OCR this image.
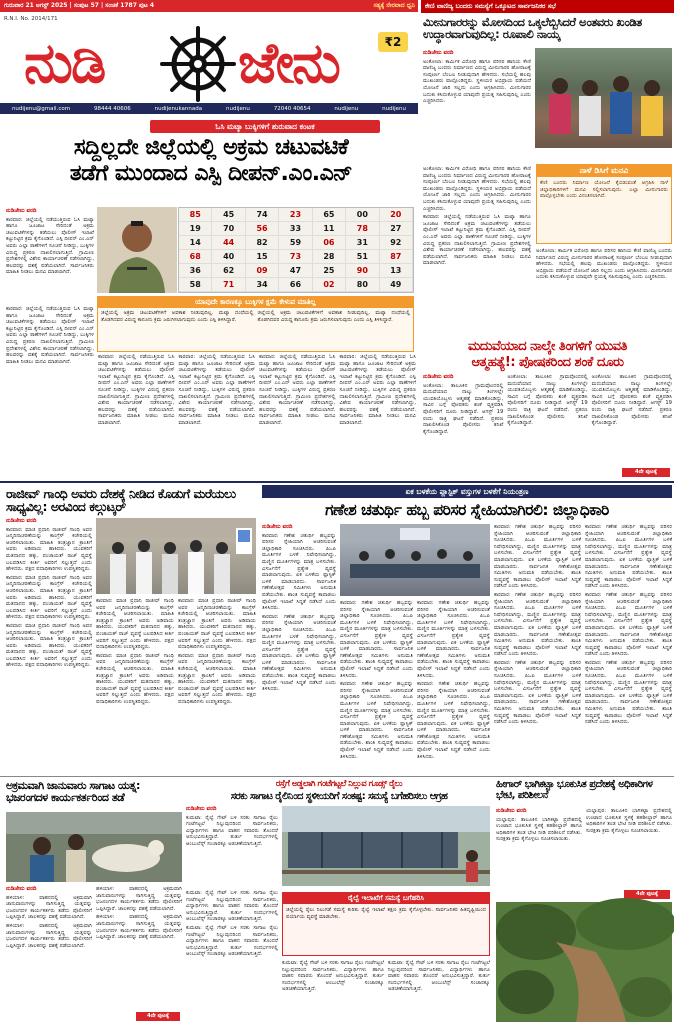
ಗುರುವಾರ 21 ಆಗಸ್ಟ್ 2025 | ಸಂಪುಟ 57 | ಸಂಚಿಕೆ 1787 ಪುಟ 4	ಸತ್ಯಕ್ಕೆ ನೇರವಾದ ಧ್ವನಿ
R.N.I. No. 2014/171
ನುಡಿ ಜೇನು	₹2
nudijenu@gmail.com	98444 40606	nudijenukannada	nudijenu	72040 40654	nudijenu	nudijenu
ಕೇಣಿ ವಾಣಿಜ್ಯ ಬಂದರು ಸಮಸ್ಯೆಗೆ ಒಕ್ಕೂಟದ ಸಾರ್ವಜನಿಕರ ಸಭೆ
ಮೀನುಗಾರರನ್ನು ಮೋಸದಿಂದ ಒಕ್ಕಲೆಬ್ಬಿಸಿದರೆ ಅಂತವರು ಖಂಡಿತ ಉದ್ಧಾರವಾಗುವುದಿಲ್ಲ: ರೂಪಾಲಿ ನಾಯ್ಕ
ನುಡಿಜೇನು ವರದಿ

ಅಂಕೋಲಾ: ಕಾರ್ಮಿಕ ವಿರೋಧಿ ಹಾಗೂ ಪರಿಸರ ಹಾನಿಯ ಕೇಣಿ ವಾಣಿಜ್ಯ ಬಂದರು ನಿರ್ಮಾಣದ ವಿರುದ್ಧ ಮೀನುಗಾರರ ಹೋರಾಟಕ್ಕೆ ಸಂಪೂರ್ಣ ಬೆಂಬಲ ನೀಡುವುದಾಗಿ ಹೇಳಿದರು. ಸಭೆಯಲ್ಲಿ ಹಲವು ಮುಖಂಡರು ಪಾಲ್ಗೊಂಡಿದ್ದರು. ಸ್ಥಳೀಯರ ಅಭಿಪ್ರಾಯ ಪಡೆಯದೆ ಯೋಜನೆ ಜಾರಿ ಸಲ್ಲದು ಎಂದು ಆಗ್ರಹಿಸಿದರು. ಮೀನುಗಾರರ ಬದುಕು ಕಸಿದುಕೊಳ್ಳುವ ಯಾವುದೇ ಪ್ರಯತ್ನ ಸಹಿಸುವುದಿಲ್ಲ ಎಂದು ಎಚ್ಚರಿಸಿದರು.

ನಾಳೆ ಡಿಸಿಗೆ ಮನವಿ
ಕೇಣಿ ಬಂದರು ನಿರ್ಮಾಣ ಯೋಜನೆ ಕೈಬಿಡುವಂತೆ ಆಗ್ರಹಿಸಿ ನಾಳೆ ಜಿಲ್ಲಾಧಿಕಾರಿಗಳಿಗೆ ಮನವಿ ಸಲ್ಲಿಸಲಾಗುವುದು. ಎಲ್ಲಾ ಮೀನುಗಾರರು ಪಾಲ್ಗೊಳ್ಳಬೇಕು ಎಂದು ವಿನಂತಿಸಲಾಗಿದೆ.

ಅಂಕೋಲಾ: ಕಾರ್ಮಿಕ ವಿರೋಧಿ ಹಾಗೂ ಪರಿಸರ ಹಾನಿಯ ಕೇಣಿ ವಾಣಿಜ್ಯ ಬಂದರು ನಿರ್ಮಾಣದ ವಿರುದ್ಧ ಮೀನುಗಾರರ ಹೋರಾಟಕ್ಕೆ ಸಂಪೂರ್ಣ ಬೆಂಬಲ ನೀಡುವುದಾಗಿ ಹೇಳಿದರು. ಸಭೆಯಲ್ಲಿ ಹಲವು ಮುಖಂಡರು ಪಾಲ್ಗೊಂಡಿದ್ದರು. ಸ್ಥಳೀಯರ ಅಭಿಪ್ರಾಯ ಪಡೆಯದೆ ಯೋಜನೆ ಜಾರಿ ಸಲ್ಲದು ಎಂದು ಆಗ್ರಹಿಸಿದರು. ಮೀನುಗಾರರ ಬದುಕು ಕಸಿದುಕೊಳ್ಳುವ ಯಾವುದೇ ಪ್ರಯತ್ನ ಸಹಿಸುವುದಿಲ್ಲ ಎಂದು ಎಚ್ಚರಿಸಿದರು.

ಕಾರವಾರ: ಜಿಲ್ಲೆಯಲ್ಲಿ ನಡೆಯುತ್ತಿರುವ ಓಸಿ ಮಟ್ಕಾ ಹಾಗೂ ಜೂಜಾಟ ಸೇರಿದಂತೆ ಅಕ್ರಮ ಚಟುವಟಿಕೆಗಳನ್ನು ತಡೆಯಲು ಪೊಲೀಸ್ ಇಲಾಖೆ ಕಟ್ಟುನಿಟ್ಟಿನ ಕ್ರಮ ಕೈಗೊಂಡಿದೆ. ಎಸ್ಪಿ ದೀಪನ್ ಎಂ.ಎನ್ ಅವರು ಎಲ್ಲಾ ಠಾಣೆಗಳಿಗೆ ಸೂಚನೆ ನೀಡಿದ್ದು, ಬುಕ್ಕಿಗಳ ವಿರುದ್ಧ ಪ್ರಕರಣ ದಾಖಲಿಸಲಾಗುತ್ತಿದೆ. ಗ್ರಾಮೀಣ ಪ್ರದೇಶಗಳಲ್ಲಿ ವಿಶೇಷ ಕಾರ್ಯಾಚರಣೆ ನಡೆಸಲಾಗಿದ್ದು, ಹಲವರನ್ನು ವಶಕ್ಕೆ ಪಡೆಯಲಾಗಿದೆ. ಸಾರ್ವಜನಿಕರು ಮಾಹಿತಿ ನೀಡಲು ಮನವಿ ಮಾಡಲಾಗಿದೆ.

ಅಂಕೋಲಾ: ಕಾರ್ಮಿಕ ವಿರೋಧಿ ಹಾಗೂ ಪರಿಸರ ಹಾನಿಯ ಕೇಣಿ ವಾಣಿಜ್ಯ ಬಂದರು ನಿರ್ಮಾಣದ ವಿರುದ್ಧ ಮೀನುಗಾರರ ಹೋರಾಟಕ್ಕೆ ಸಂಪೂರ್ಣ ಬೆಂಬಲ ನೀಡುವುದಾಗಿ ಹೇಳಿದರು. ಸಭೆಯಲ್ಲಿ ಹಲವು ಮುಖಂಡರು ಪಾಲ್ಗೊಂಡಿದ್ದರು. ಸ್ಥಳೀಯರ ಅಭಿಪ್ರಾಯ ಪಡೆಯದೆ ಯೋಜನೆ ಜಾರಿ ಸಲ್ಲದು ಎಂದು ಆಗ್ರಹಿಸಿದರು. ಮೀನುಗಾರರ ಬದುಕು ಕಸಿದುಕೊಳ್ಳುವ ಯಾವುದೇ ಪ್ರಯತ್ನ ಸಹಿಸುವುದಿಲ್ಲ ಎಂದು ಎಚ್ಚರಿಸಿದರು.

ಓಸಿ ಮಟ್ಕಾ ಬುಕ್ಕಿಗಳಿಗೆ ಶುರುವಾದ ಕಂಟಕ
ಸದ್ದಿಲ್ಲದೇ ಜಿಲ್ಲೆಯಲ್ಲಿ ಅಕ್ರಮ ಚಟುವಟಿಕೆ
ತಡೆಗೆ ಮುಂದಾದ ಎಸ್ಪಿ ದೀಪನ್.ಎಂ.ಎನ್
85	45	74	23	65	00	20
19	70	56	33	11	78	27
14	44	82	59	06	31	92
68	40	15	73	28	51	87
36	62	09	47	25	90	13
58	71	34	66	02	80	49
ನುಡಿಜೇನು ವರದಿ

ಕಾರವಾರ: ಜಿಲ್ಲೆಯಲ್ಲಿ ನಡೆಯುತ್ತಿರುವ ಓಸಿ ಮಟ್ಕಾ ಹಾಗೂ ಜೂಜಾಟ ಸೇರಿದಂತೆ ಅಕ್ರಮ ಚಟುವಟಿಕೆಗಳನ್ನು ತಡೆಯಲು ಪೊಲೀಸ್ ಇಲಾಖೆ ಕಟ್ಟುನಿಟ್ಟಿನ ಕ್ರಮ ಕೈಗೊಂಡಿದೆ. ಎಸ್ಪಿ ದೀಪನ್ ಎಂ.ಎನ್ ಅವರು ಎಲ್ಲಾ ಠಾಣೆಗಳಿಗೆ ಸೂಚನೆ ನೀಡಿದ್ದು, ಬುಕ್ಕಿಗಳ ವಿರುದ್ಧ ಪ್ರಕರಣ ದಾಖಲಿಸಲಾಗುತ್ತಿದೆ. ಗ್ರಾಮೀಣ ಪ್ರದೇಶಗಳಲ್ಲಿ ವಿಶೇಷ ಕಾರ್ಯಾಚರಣೆ ನಡೆಸಲಾಗಿದ್ದು, ಹಲವರನ್ನು ವಶಕ್ಕೆ ಪಡೆಯಲಾಗಿದೆ. ಸಾರ್ವಜನಿಕರು ಮಾಹಿತಿ ನೀಡಲು ಮನವಿ ಮಾಡಲಾಗಿದೆ.

ಯಾವುದೇ ಕಾರಣಕ್ಕೂ ಬುಕ್ಕಿಗಳ ಕ್ಷಮೆ ಕೇಳುವ ಮಾತಿಲ್ಲ
ಜಿಲ್ಲೆಯಲ್ಲಿ ಅಕ್ರಮ ಚಟುವಟಿಕೆಗಳಿಗೆ ಅವಕಾಶ ನೀಡುವುದಿಲ್ಲ. ಮಟ್ಕಾ ದಂಧೆಯಲ್ಲಿ ತೊಡಗಿದವರ ವಿರುದ್ಧ ಕಾನೂನು ಕ್ರಮ ಜರುಗಿಸಲಾಗುವುದು ಎಂದು ಎಸ್ಪಿ ತಿಳಿಸಿದ್ದಾರೆ.
ಜಿಲ್ಲೆಯಲ್ಲಿ ಅಕ್ರಮ ಚಟುವಟಿಕೆಗಳಿಗೆ ಅವಕಾಶ ನೀಡುವುದಿಲ್ಲ. ಮಟ್ಕಾ ದಂಧೆಯಲ್ಲಿ ತೊಡಗಿದವರ ವಿರುದ್ಧ ಕಾನೂನು ಕ್ರಮ ಜರುಗಿಸಲಾಗುವುದು ಎಂದು ಎಸ್ಪಿ ತಿಳಿಸಿದ್ದಾರೆ.
ಕಾರವಾರ: ಜಿಲ್ಲೆಯಲ್ಲಿ ನಡೆಯುತ್ತಿರುವ ಓಸಿ ಮಟ್ಕಾ ಹಾಗೂ ಜೂಜಾಟ ಸೇರಿದಂತೆ ಅಕ್ರಮ ಚಟುವಟಿಕೆಗಳನ್ನು ತಡೆಯಲು ಪೊಲೀಸ್ ಇಲಾಖೆ ಕಟ್ಟುನಿಟ್ಟಿನ ಕ್ರಮ ಕೈಗೊಂಡಿದೆ. ಎಸ್ಪಿ ದೀಪನ್ ಎಂ.ಎನ್ ಅವರು ಎಲ್ಲಾ ಠಾಣೆಗಳಿಗೆ ಸೂಚನೆ ನೀಡಿದ್ದು, ಬುಕ್ಕಿಗಳ ವಿರುದ್ಧ ಪ್ರಕರಣ ದಾಖಲಿಸಲಾಗುತ್ತಿದೆ. ಗ್ರಾಮೀಣ ಪ್ರದೇಶಗಳಲ್ಲಿ ವಿಶೇಷ ಕಾರ್ಯಾಚರಣೆ ನಡೆಸಲಾಗಿದ್ದು, ಹಲವರನ್ನು ವಶಕ್ಕೆ ಪಡೆಯಲಾಗಿದೆ. ಸಾರ್ವಜನಿಕರು ಮಾಹಿತಿ ನೀಡಲು ಮನವಿ ಮಾಡಲಾಗಿದೆ.
ಕಾರವಾರ: ಜಿಲ್ಲೆಯಲ್ಲಿ ನಡೆಯುತ್ತಿರುವ ಓಸಿ ಮಟ್ಕಾ ಹಾಗೂ ಜೂಜಾಟ ಸೇರಿದಂತೆ ಅಕ್ರಮ ಚಟುವಟಿಕೆಗಳನ್ನು ತಡೆಯಲು ಪೊಲೀಸ್ ಇಲಾಖೆ ಕಟ್ಟುನಿಟ್ಟಿನ ಕ್ರಮ ಕೈಗೊಂಡಿದೆ. ಎಸ್ಪಿ ದೀಪನ್ ಎಂ.ಎನ್ ಅವರು ಎಲ್ಲಾ ಠಾಣೆಗಳಿಗೆ ಸೂಚನೆ ನೀಡಿದ್ದು, ಬುಕ್ಕಿಗಳ ವಿರುದ್ಧ ಪ್ರಕರಣ ದಾಖಲಿಸಲಾಗುತ್ತಿದೆ. ಗ್ರಾಮೀಣ ಪ್ರದೇಶಗಳಲ್ಲಿ ವಿಶೇಷ ಕಾರ್ಯಾಚರಣೆ ನಡೆಸಲಾಗಿದ್ದು, ಹಲವರನ್ನು ವಶಕ್ಕೆ ಪಡೆಯಲಾಗಿದೆ. ಸಾರ್ವಜನಿಕರು ಮಾಹಿತಿ ನೀಡಲು ಮನವಿ ಮಾಡಲಾಗಿದೆ.
ಕಾರವಾರ: ಜಿಲ್ಲೆಯಲ್ಲಿ ನಡೆಯುತ್ತಿರುವ ಓಸಿ ಮಟ್ಕಾ ಹಾಗೂ ಜೂಜಾಟ ಸೇರಿದಂತೆ ಅಕ್ರಮ ಚಟುವಟಿಕೆಗಳನ್ನು ತಡೆಯಲು ಪೊಲೀಸ್ ಇಲಾಖೆ ಕಟ್ಟುನಿಟ್ಟಿನ ಕ್ರಮ ಕೈಗೊಂಡಿದೆ. ಎಸ್ಪಿ ದೀಪನ್ ಎಂ.ಎನ್ ಅವರು ಎಲ್ಲಾ ಠಾಣೆಗಳಿಗೆ ಸೂಚನೆ ನೀಡಿದ್ದು, ಬುಕ್ಕಿಗಳ ವಿರುದ್ಧ ಪ್ರಕರಣ ದಾಖಲಿಸಲಾಗುತ್ತಿದೆ. ಗ್ರಾಮೀಣ ಪ್ರದೇಶಗಳಲ್ಲಿ ವಿಶೇಷ ಕಾರ್ಯಾಚರಣೆ ನಡೆಸಲಾಗಿದ್ದು, ಹಲವರನ್ನು ವಶಕ್ಕೆ ಪಡೆಯಲಾಗಿದೆ. ಸಾರ್ವಜನಿಕರು ಮಾಹಿತಿ ನೀಡಲು ಮನವಿ ಮಾಡಲಾಗಿದೆ.
ಕಾರವಾರ: ಜಿಲ್ಲೆಯಲ್ಲಿ ನಡೆಯುತ್ತಿರುವ ಓಸಿ ಮಟ್ಕಾ ಹಾಗೂ ಜೂಜಾಟ ಸೇರಿದಂತೆ ಅಕ್ರಮ ಚಟುವಟಿಕೆಗಳನ್ನು ತಡೆಯಲು ಪೊಲೀಸ್ ಇಲಾಖೆ ಕಟ್ಟುನಿಟ್ಟಿನ ಕ್ರಮ ಕೈಗೊಂಡಿದೆ. ಎಸ್ಪಿ ದೀಪನ್ ಎಂ.ಎನ್ ಅವರು ಎಲ್ಲಾ ಠಾಣೆಗಳಿಗೆ ಸೂಚನೆ ನೀಡಿದ್ದು, ಬುಕ್ಕಿಗಳ ವಿರುದ್ಧ ಪ್ರಕರಣ ದಾಖಲಿಸಲಾಗುತ್ತಿದೆ. ಗ್ರಾಮೀಣ ಪ್ರದೇಶಗಳಲ್ಲಿ ವಿಶೇಷ ಕಾರ್ಯಾಚರಣೆ ನಡೆಸಲಾಗಿದ್ದು, ಹಲವರನ್ನು ವಶಕ್ಕೆ ಪಡೆಯಲಾಗಿದೆ. ಸಾರ್ವಜನಿಕರು ಮಾಹಿತಿ ನೀಡಲು ಮನವಿ ಮಾಡಲಾಗಿದೆ.
ಕಾರವಾರ: ಜಿಲ್ಲೆಯಲ್ಲಿ ನಡೆಯುತ್ತಿರುವ ಓಸಿ ಮಟ್ಕಾ ಹಾಗೂ ಜೂಜಾಟ ಸೇರಿದಂತೆ ಅಕ್ರಮ ಚಟುವಟಿಕೆಗಳನ್ನು ತಡೆಯಲು ಪೊಲೀಸ್ ಇಲಾಖೆ ಕಟ್ಟುನಿಟ್ಟಿನ ಕ್ರಮ ಕೈಗೊಂಡಿದೆ. ಎಸ್ಪಿ ದೀಪನ್ ಎಂ.ಎನ್ ಅವರು ಎಲ್ಲಾ ಠಾಣೆಗಳಿಗೆ ಸೂಚನೆ ನೀಡಿದ್ದು, ಬುಕ್ಕಿಗಳ ವಿರುದ್ಧ ಪ್ರಕರಣ ದಾಖಲಿಸಲಾಗುತ್ತಿದೆ. ಗ್ರಾಮೀಣ ಪ್ರದೇಶಗಳಲ್ಲಿ ವಿಶೇಷ ಕಾರ್ಯಾಚರಣೆ ನಡೆಸಲಾಗಿದ್ದು, ಹಲವರನ್ನು ವಶಕ್ಕೆ ಪಡೆಯಲಾಗಿದೆ. ಸಾರ್ವಜನಿಕರು ಮಾಹಿತಿ ನೀಡಲು ಮನವಿ ಮಾಡಲಾಗಿದೆ.
ಮದುವೆಯಾದ ನಾಲ್ಕೇ ತಿಂಗಳಿಗೆ ಯುವತಿ
ಆತ್ಮಹತ್ಯೆ!: ಪೋಷಕರಿಂದ ಶಂಕೆ ದೂರು
ನುಡಿಜೇನು ವರದಿ

ಅಂಕೋಲಾ: ತಾಲೂಕಿನ ಗ್ರಾಮವೊಂದರಲ್ಲಿ ಮದುವೆಯಾದ ನಾಲ್ಕು ತಿಂಗಳಲ್ಲೇ ಯುವತಿಯೊಬ್ಬಳು ಆತ್ಮಹತ್ಯೆ ಮಾಡಿಕೊಂಡಿದ್ದು, ಸಾವಿನ ಬಗ್ಗೆ ಪೋಷಕರು ಶಂಕೆ ವ್ಯಕ್ತಪಡಿಸಿ ಪೊಲೀಸರಿಗೆ ದೂರು ನೀಡಿದ್ದಾರೆ. ಆಗಸ್ಟ್ 19 ರಂದು ರಾತ್ರಿ ಘಟನೆ ನಡೆದಿದೆ. ಪ್ರಕರಣ ದಾಖಲಿಸಿಕೊಂಡ ಪೊಲೀಸರು ತನಿಖೆ ಕೈಗೊಂಡಿದ್ದಾರೆ.

ಅಂಕೋಲಾ: ತಾಲೂಕಿನ ಗ್ರಾಮವೊಂದರಲ್ಲಿ ಮದುವೆಯಾದ ನಾಲ್ಕು ತಿಂಗಳಲ್ಲೇ ಯುವತಿಯೊಬ್ಬಳು ಆತ್ಮಹತ್ಯೆ ಮಾಡಿಕೊಂಡಿದ್ದು, ಸಾವಿನ ಬಗ್ಗೆ ಪೋಷಕರು ಶಂಕೆ ವ್ಯಕ್ತಪಡಿಸಿ ಪೊಲೀಸರಿಗೆ ದೂರು ನೀಡಿದ್ದಾರೆ. ಆಗಸ್ಟ್ 19 ರಂದು ರಾತ್ರಿ ಘಟನೆ ನಡೆದಿದೆ. ಪ್ರಕರಣ ದಾಖಲಿಸಿಕೊಂಡ ಪೊಲೀಸರು ತನಿಖೆ ಕೈಗೊಂಡಿದ್ದಾರೆ.

ಅಂಕೋಲಾ: ತಾಲೂಕಿನ ಗ್ರಾಮವೊಂದರಲ್ಲಿ ಮದುವೆಯಾದ ನಾಲ್ಕು ತಿಂಗಳಲ್ಲೇ ಯುವತಿಯೊಬ್ಬಳು ಆತ್ಮಹತ್ಯೆ ಮಾಡಿಕೊಂಡಿದ್ದು, ಸಾವಿನ ಬಗ್ಗೆ ಪೋಷಕರು ಶಂಕೆ ವ್ಯಕ್ತಪಡಿಸಿ ಪೊಲೀಸರಿಗೆ ದೂರು ನೀಡಿದ್ದಾರೆ. ಆಗಸ್ಟ್ 19 ರಂದು ರಾತ್ರಿ ಘಟನೆ ನಡೆದಿದೆ. ಪ್ರಕರಣ ದಾಖಲಿಸಿಕೊಂಡ ಪೊಲೀಸರು ತನಿಖೆ ಕೈಗೊಂಡಿದ್ದಾರೆ.

4ನೇ ಪುಟಕ್ಕೆ
ರಾಜೀವ್ ಗಾಂಧಿ ಅವರು ದೇಶಕ್ಕೆ ನೀಡಿದ ಕೊಡುಗೆ ಮರೆಯಲು ಸಾಧ್ಯವಿಲ್ಲ: ಅರವಿಂದ ಕಲ್ಗುಟ್ಕರ್
ನುಡಿಜೇನು ವರದಿ

ಕಾರವಾರ: ಮಾಜಿ ಪ್ರಧಾನಿ ರಾಜೀವ್ ಗಾಂಧಿ ಅವರ ಜನ್ಮದಿನಾಚರಣೆಯನ್ನು ಕಾಂಗ್ರೆಸ್ ಕಚೇರಿಯಲ್ಲಿ ಆಚರಿಸಲಾಯಿತು. ಮಾಹಿತಿ ತಂತ್ರಜ್ಞಾನ ಕ್ರಾಂತಿಗೆ ಅವರು ಅಡಿಪಾಯ ಹಾಕಿದರು. ಯುವಕರಿಗೆ ಮತದಾನದ ಹಕ್ಕು, ಪಂಚಾಯತ್ ರಾಜ್ ವ್ಯವಸ್ಥೆ ಬಲಪಡಿಸಿದ ಕೀರ್ತಿ ಅವರಿಗೆ ಸಲ್ಲುತ್ತದೆ ಎಂದು ಹೇಳಿದರು. ಪಕ್ಷದ ಪದಾಧಿಕಾರಿಗಳು ಉಪಸ್ಥಿತರಿದ್ದರು.

ಕಾರವಾರ: ಮಾಜಿ ಪ್ರಧಾನಿ ರಾಜೀವ್ ಗಾಂಧಿ ಅವರ ಜನ್ಮದಿನಾಚರಣೆಯನ್ನು ಕಾಂಗ್ರೆಸ್ ಕಚೇರಿಯಲ್ಲಿ ಆಚರಿಸಲಾಯಿತು. ಮಾಹಿತಿ ತಂತ್ರಜ್ಞಾನ ಕ್ರಾಂತಿಗೆ ಅವರು ಅಡಿಪಾಯ ಹಾಕಿದರು. ಯುವಕರಿಗೆ ಮತದಾನದ ಹಕ್ಕು, ಪಂಚಾಯತ್ ರಾಜ್ ವ್ಯವಸ್ಥೆ ಬಲಪಡಿಸಿದ ಕೀರ್ತಿ ಅವರಿಗೆ ಸಲ್ಲುತ್ತದೆ ಎಂದು ಹೇಳಿದರು. ಪಕ್ಷದ ಪದಾಧಿಕಾರಿಗಳು ಉಪಸ್ಥಿತರಿದ್ದರು.

ಕಾರವಾರ: ಮಾಜಿ ಪ್ರಧಾನಿ ರಾಜೀವ್ ಗಾಂಧಿ ಅವರ ಜನ್ಮದಿನಾಚರಣೆಯನ್ನು ಕಾಂಗ್ರೆಸ್ ಕಚೇರಿಯಲ್ಲಿ ಆಚರಿಸಲಾಯಿತು. ಮಾಹಿತಿ ತಂತ್ರಜ್ಞಾನ ಕ್ರಾಂತಿಗೆ ಅವರು ಅಡಿಪಾಯ ಹಾಕಿದರು. ಯುವಕರಿಗೆ ಮತದಾನದ ಹಕ್ಕು, ಪಂಚಾಯತ್ ರಾಜ್ ವ್ಯವಸ್ಥೆ ಬಲಪಡಿಸಿದ ಕೀರ್ತಿ ಅವರಿಗೆ ಸಲ್ಲುತ್ತದೆ ಎಂದು ಹೇಳಿದರು. ಪಕ್ಷದ ಪದಾಧಿಕಾರಿಗಳು ಉಪಸ್ಥಿತರಿದ್ದರು.

ಕಾರವಾರ: ಮಾಜಿ ಪ್ರಧಾನಿ ರಾಜೀವ್ ಗಾಂಧಿ ಅವರ ಜನ್ಮದಿನಾಚರಣೆಯನ್ನು ಕಾಂಗ್ರೆಸ್ ಕಚೇರಿಯಲ್ಲಿ ಆಚರಿಸಲಾಯಿತು. ಮಾಹಿತಿ ತಂತ್ರಜ್ಞಾನ ಕ್ರಾಂತಿಗೆ ಅವರು ಅಡಿಪಾಯ ಹಾಕಿದರು. ಯುವಕರಿಗೆ ಮತದಾನದ ಹಕ್ಕು, ಪಂಚಾಯತ್ ರಾಜ್ ವ್ಯವಸ್ಥೆ ಬಲಪಡಿಸಿದ ಕೀರ್ತಿ ಅವರಿಗೆ ಸಲ್ಲುತ್ತದೆ ಎಂದು ಹೇಳಿದರು. ಪಕ್ಷದ ಪದಾಧಿಕಾರಿಗಳು ಉಪಸ್ಥಿತರಿದ್ದರು.

ಕಾರವಾರ: ಮಾಜಿ ಪ್ರಧಾನಿ ರಾಜೀವ್ ಗಾಂಧಿ ಅವರ ಜನ್ಮದಿನಾಚರಣೆಯನ್ನು ಕಾಂಗ್ರೆಸ್ ಕಚೇರಿಯಲ್ಲಿ ಆಚರಿಸಲಾಯಿತು. ಮಾಹಿತಿ ತಂತ್ರಜ್ಞಾನ ಕ್ರಾಂತಿಗೆ ಅವರು ಅಡಿಪಾಯ ಹಾಕಿದರು. ಯುವಕರಿಗೆ ಮತದಾನದ ಹಕ್ಕು, ಪಂಚಾಯತ್ ರಾಜ್ ವ್ಯವಸ್ಥೆ ಬಲಪಡಿಸಿದ ಕೀರ್ತಿ ಅವರಿಗೆ ಸಲ್ಲುತ್ತದೆ ಎಂದು ಹೇಳಿದರು. ಪಕ್ಷದ ಪದಾಧಿಕಾರಿಗಳು ಉಪಸ್ಥಿತರಿದ್ದರು.

ಕಾರವಾರ: ಮಾಜಿ ಪ್ರಧಾನಿ ರಾಜೀವ್ ಗಾಂಧಿ ಅವರ ಜನ್ಮದಿನಾಚರಣೆಯನ್ನು ಕಾಂಗ್ರೆಸ್ ಕಚೇರಿಯಲ್ಲಿ ಆಚರಿಸಲಾಯಿತು. ಮಾಹಿತಿ ತಂತ್ರಜ್ಞಾನ ಕ್ರಾಂತಿಗೆ ಅವರು ಅಡಿಪಾಯ ಹಾಕಿದರು. ಯುವಕರಿಗೆ ಮತದಾನದ ಹಕ್ಕು, ಪಂಚಾಯತ್ ರಾಜ್ ವ್ಯವಸ್ಥೆ ಬಲಪಡಿಸಿದ ಕೀರ್ತಿ ಅವರಿಗೆ ಸಲ್ಲುತ್ತದೆ ಎಂದು ಹೇಳಿದರು. ಪಕ್ಷದ ಪದಾಧಿಕಾರಿಗಳು ಉಪಸ್ಥಿತರಿದ್ದರು.

ಕಾರವಾರ: ಮಾಜಿ ಪ್ರಧಾನಿ ರಾಜೀವ್ ಗಾಂಧಿ ಅವರ ಜನ್ಮದಿನಾಚರಣೆಯನ್ನು ಕಾಂಗ್ರೆಸ್ ಕಚೇರಿಯಲ್ಲಿ ಆಚರಿಸಲಾಯಿತು. ಮಾಹಿತಿ ತಂತ್ರಜ್ಞಾನ ಕ್ರಾಂತಿಗೆ ಅವರು ಅಡಿಪಾಯ ಹಾಕಿದರು. ಯುವಕರಿಗೆ ಮತದಾನದ ಹಕ್ಕು, ಪಂಚಾಯತ್ ರಾಜ್ ವ್ಯವಸ್ಥೆ ಬಲಪಡಿಸಿದ ಕೀರ್ತಿ ಅವರಿಗೆ ಸಲ್ಲುತ್ತದೆ ಎಂದು ಹೇಳಿದರು. ಪಕ್ಷದ ಪದಾಧಿಕಾರಿಗಳು ಉಪಸ್ಥಿತರಿದ್ದರು.

ಏಕ ಬಳಕೆಯ ಪ್ಲಾಸ್ಟಿಕ್ ವಸ್ತುಗಳ ಬಳಕೆಗೆ ನಿಯಂತ್ರಣ
ಗಣೇಶ ಚತುರ್ಥಿ ಹಬ್ಬ ಪರಿಸರ ಸ್ನೇಹಿಯಾಗಿರಲಿ: ಜಿಲ್ಲಾಧಿಕಾರಿ
ನುಡಿಜೇನು ವರದಿ

ಕಾರವಾರ: ಗಣೇಶ ಚತುರ್ಥಿ ಹಬ್ಬವನ್ನು ಪರಿಸರ ಸ್ನೇಹಿಯಾಗಿ ಆಚರಿಸುವಂತೆ ಜಿಲ್ಲಾಧಿಕಾರಿ ಸೂಚಿಸಿದರು. ಪಿಒಪಿ ಮೂರ್ತಿಗಳ ಬಳಕೆ ನಿಷೇಧಿಸಲಾಗಿದ್ದು, ಮಣ್ಣಿನ ಮೂರ್ತಿಗಳನ್ನು ಮಾತ್ರ ಬಳಸಬೇಕು. ವಿಸರ್ಜನೆಗೆ ಪ್ರತ್ಯೇಕ ವ್ಯವಸ್ಥೆ ಮಾಡಲಾಗುವುದು. ಏಕ ಬಳಕೆಯ ಪ್ಲಾಸ್ಟಿಕ್ ಬಳಕೆ ಮಾಡಬಾರದು. ಸಾರ್ವಜನಿಕ ಗಣೇಶೋತ್ಸವ ಸಮಿತಿಗಳು ಅನುಮತಿ ಪಡೆಯಬೇಕು. ಶಾಂತಿ ಸುವ್ಯವಸ್ಥೆ ಕಾಪಾಡಲು ಪೊಲೀಸ್ ಇಲಾಖೆ ಸಿದ್ಧತೆ ನಡೆಸಿದೆ ಎಂದು ತಿಳಿಸಿದರು.

ಕಾರವಾರ: ಗಣೇಶ ಚತುರ್ಥಿ ಹಬ್ಬವನ್ನು ಪರಿಸರ ಸ್ನೇಹಿಯಾಗಿ ಆಚರಿಸುವಂತೆ ಜಿಲ್ಲಾಧಿಕಾರಿ ಸೂಚಿಸಿದರು. ಪಿಒಪಿ ಮೂರ್ತಿಗಳ ಬಳಕೆ ನಿಷೇಧಿಸಲಾಗಿದ್ದು, ಮಣ್ಣಿನ ಮೂರ್ತಿಗಳನ್ನು ಮಾತ್ರ ಬಳಸಬೇಕು. ವಿಸರ್ಜನೆಗೆ ಪ್ರತ್ಯೇಕ ವ್ಯವಸ್ಥೆ ಮಾಡಲಾಗುವುದು. ಏಕ ಬಳಕೆಯ ಪ್ಲಾಸ್ಟಿಕ್ ಬಳಕೆ ಮಾಡಬಾರದು. ಸಾರ್ವಜನಿಕ ಗಣೇಶೋತ್ಸವ ಸಮಿತಿಗಳು ಅನುಮತಿ ಪಡೆಯಬೇಕು. ಶಾಂತಿ ಸುವ್ಯವಸ್ಥೆ ಕಾಪಾಡಲು ಪೊಲೀಸ್ ಇಲಾಖೆ ಸಿದ್ಧತೆ ನಡೆಸಿದೆ ಎಂದು ತಿಳಿಸಿದರು.

ಕಾರವಾರ: ಗಣೇಶ ಚತುರ್ಥಿ ಹಬ್ಬವನ್ನು ಪರಿಸರ ಸ್ನೇಹಿಯಾಗಿ ಆಚರಿಸುವಂತೆ ಜಿಲ್ಲಾಧಿಕಾರಿ ಸೂಚಿಸಿದರು. ಪಿಒಪಿ ಮೂರ್ತಿಗಳ ಬಳಕೆ ನಿಷೇಧಿಸಲಾಗಿದ್ದು, ಮಣ್ಣಿನ ಮೂರ್ತಿಗಳನ್ನು ಮಾತ್ರ ಬಳಸಬೇಕು. ವಿಸರ್ಜನೆಗೆ ಪ್ರತ್ಯೇಕ ವ್ಯವಸ್ಥೆ ಮಾಡಲಾಗುವುದು. ಏಕ ಬಳಕೆಯ ಪ್ಲಾಸ್ಟಿಕ್ ಬಳಕೆ ಮಾಡಬಾರದು. ಸಾರ್ವಜನಿಕ ಗಣೇಶೋತ್ಸವ ಸಮಿತಿಗಳು ಅನುಮತಿ ಪಡೆಯಬೇಕು. ಶಾಂತಿ ಸುವ್ಯವಸ್ಥೆ ಕಾಪಾಡಲು ಪೊಲೀಸ್ ಇಲಾಖೆ ಸಿದ್ಧತೆ ನಡೆಸಿದೆ ಎಂದು ತಿಳಿಸಿದರು.

ಕಾರವಾರ: ಗಣೇಶ ಚತುರ್ಥಿ ಹಬ್ಬವನ್ನು ಪರಿಸರ ಸ್ನೇಹಿಯಾಗಿ ಆಚರಿಸುವಂತೆ ಜಿಲ್ಲಾಧಿಕಾರಿ ಸೂಚಿಸಿದರು. ಪಿಒಪಿ ಮೂರ್ತಿಗಳ ಬಳಕೆ ನಿಷೇಧಿಸಲಾಗಿದ್ದು, ಮಣ್ಣಿನ ಮೂರ್ತಿಗಳನ್ನು ಮಾತ್ರ ಬಳಸಬೇಕು. ವಿಸರ್ಜನೆಗೆ ಪ್ರತ್ಯೇಕ ವ್ಯವಸ್ಥೆ ಮಾಡಲಾಗುವುದು. ಏಕ ಬಳಕೆಯ ಪ್ಲಾಸ್ಟಿಕ್ ಬಳಕೆ ಮಾಡಬಾರದು. ಸಾರ್ವಜನಿಕ ಗಣೇಶೋತ್ಸವ ಸಮಿತಿಗಳು ಅನುಮತಿ ಪಡೆಯಬೇಕು. ಶಾಂತಿ ಸುವ್ಯವಸ್ಥೆ ಕಾಪಾಡಲು ಪೊಲೀಸ್ ಇಲಾಖೆ ಸಿದ್ಧತೆ ನಡೆಸಿದೆ ಎಂದು ತಿಳಿಸಿದರು.

ಕಾರವಾರ: ಗಣೇಶ ಚತುರ್ಥಿ ಹಬ್ಬವನ್ನು ಪರಿಸರ ಸ್ನೇಹಿಯಾಗಿ ಆಚರಿಸುವಂತೆ ಜಿಲ್ಲಾಧಿಕಾರಿ ಸೂಚಿಸಿದರು. ಪಿಒಪಿ ಮೂರ್ತಿಗಳ ಬಳಕೆ ನಿಷೇಧಿಸಲಾಗಿದ್ದು, ಮಣ್ಣಿನ ಮೂರ್ತಿಗಳನ್ನು ಮಾತ್ರ ಬಳಸಬೇಕು. ವಿಸರ್ಜನೆಗೆ ಪ್ರತ್ಯೇಕ ವ್ಯವಸ್ಥೆ ಮಾಡಲಾಗುವುದು. ಏಕ ಬಳಕೆಯ ಪ್ಲಾಸ್ಟಿಕ್ ಬಳಕೆ ಮಾಡಬಾರದು. ಸಾರ್ವಜನಿಕ ಗಣೇಶೋತ್ಸವ ಸಮಿತಿಗಳು ಅನುಮತಿ ಪಡೆಯಬೇಕು. ಶಾಂತಿ ಸುವ್ಯವಸ್ಥೆ ಕಾಪಾಡಲು ಪೊಲೀಸ್ ಇಲಾಖೆ ಸಿದ್ಧತೆ ನಡೆಸಿದೆ ಎಂದು ತಿಳಿಸಿದರು.

ಕಾರವಾರ: ಗಣೇಶ ಚತುರ್ಥಿ ಹಬ್ಬವನ್ನು ಪರಿಸರ ಸ್ನೇಹಿಯಾಗಿ ಆಚರಿಸುವಂತೆ ಜಿಲ್ಲಾಧಿಕಾರಿ ಸೂಚಿಸಿದರು. ಪಿಒಪಿ ಮೂರ್ತಿಗಳ ಬಳಕೆ ನಿಷೇಧಿಸಲಾಗಿದ್ದು, ಮಣ್ಣಿನ ಮೂರ್ತಿಗಳನ್ನು ಮಾತ್ರ ಬಳಸಬೇಕು. ವಿಸರ್ಜನೆಗೆ ಪ್ರತ್ಯೇಕ ವ್ಯವಸ್ಥೆ ಮಾಡಲಾಗುವುದು. ಏಕ ಬಳಕೆಯ ಪ್ಲಾಸ್ಟಿಕ್ ಬಳಕೆ ಮಾಡಬಾರದು. ಸಾರ್ವಜನಿಕ ಗಣೇಶೋತ್ಸವ ಸಮಿತಿಗಳು ಅನುಮತಿ ಪಡೆಯಬೇಕು. ಶಾಂತಿ ಸುವ್ಯವಸ್ಥೆ ಕಾಪಾಡಲು ಪೊಲೀಸ್ ಇಲಾಖೆ ಸಿದ್ಧತೆ ನಡೆಸಿದೆ ಎಂದು ತಿಳಿಸಿದರು.

ಕಾರವಾರ: ಗಣೇಶ ಚತುರ್ಥಿ ಹಬ್ಬವನ್ನು ಪರಿಸರ ಸ್ನೇಹಿಯಾಗಿ ಆಚರಿಸುವಂತೆ ಜಿಲ್ಲಾಧಿಕಾರಿ ಸೂಚಿಸಿದರು. ಪಿಒಪಿ ಮೂರ್ತಿಗಳ ಬಳಕೆ ನಿಷೇಧಿಸಲಾಗಿದ್ದು, ಮಣ್ಣಿನ ಮೂರ್ತಿಗಳನ್ನು ಮಾತ್ರ ಬಳಸಬೇಕು. ವಿಸರ್ಜನೆಗೆ ಪ್ರತ್ಯೇಕ ವ್ಯವಸ್ಥೆ ಮಾಡಲಾಗುವುದು. ಏಕ ಬಳಕೆಯ ಪ್ಲಾಸ್ಟಿಕ್ ಬಳಕೆ ಮಾಡಬಾರದು. ಸಾರ್ವಜನಿಕ ಗಣೇಶೋತ್ಸವ ಸಮಿತಿಗಳು ಅನುಮತಿ ಪಡೆಯಬೇಕು. ಶಾಂತಿ ಸುವ್ಯವಸ್ಥೆ ಕಾಪಾಡಲು ಪೊಲೀಸ್ ಇಲಾಖೆ ಸಿದ್ಧತೆ ನಡೆಸಿದೆ ಎಂದು ತಿಳಿಸಿದರು.

ಕಾರವಾರ: ಗಣೇಶ ಚತುರ್ಥಿ ಹಬ್ಬವನ್ನು ಪರಿಸರ ಸ್ನೇಹಿಯಾಗಿ ಆಚರಿಸುವಂತೆ ಜಿಲ್ಲಾಧಿಕಾರಿ ಸೂಚಿಸಿದರು. ಪಿಒಪಿ ಮೂರ್ತಿಗಳ ಬಳಕೆ ನಿಷೇಧಿಸಲಾಗಿದ್ದು, ಮಣ್ಣಿನ ಮೂರ್ತಿಗಳನ್ನು ಮಾತ್ರ ಬಳಸಬೇಕು. ವಿಸರ್ಜನೆಗೆ ಪ್ರತ್ಯೇಕ ವ್ಯವಸ್ಥೆ ಮಾಡಲಾಗುವುದು. ಏಕ ಬಳಕೆಯ ಪ್ಲಾಸ್ಟಿಕ್ ಬಳಕೆ ಮಾಡಬಾರದು. ಸಾರ್ವಜನಿಕ ಗಣೇಶೋತ್ಸವ ಸಮಿತಿಗಳು ಅನುಮತಿ ಪಡೆಯಬೇಕು. ಶಾಂತಿ ಸುವ್ಯವಸ್ಥೆ ಕಾಪಾಡಲು ಪೊಲೀಸ್ ಇಲಾಖೆ ಸಿದ್ಧತೆ ನಡೆಸಿದೆ ಎಂದು ತಿಳಿಸಿದರು.

ಕಾರವಾರ: ಗಣೇಶ ಚತುರ್ಥಿ ಹಬ್ಬವನ್ನು ಪರಿಸರ ಸ್ನೇಹಿಯಾಗಿ ಆಚರಿಸುವಂತೆ ಜಿಲ್ಲಾಧಿಕಾರಿ ಸೂಚಿಸಿದರು. ಪಿಒಪಿ ಮೂರ್ತಿಗಳ ಬಳಕೆ ನಿಷೇಧಿಸಲಾಗಿದ್ದು, ಮಣ್ಣಿನ ಮೂರ್ತಿಗಳನ್ನು ಮಾತ್ರ ಬಳಸಬೇಕು. ವಿಸರ್ಜನೆಗೆ ಪ್ರತ್ಯೇಕ ವ್ಯವಸ್ಥೆ ಮಾಡಲಾಗುವುದು. ಏಕ ಬಳಕೆಯ ಪ್ಲಾಸ್ಟಿಕ್ ಬಳಕೆ ಮಾಡಬಾರದು. ಸಾರ್ವಜನಿಕ ಗಣೇಶೋತ್ಸವ ಸಮಿತಿಗಳು ಅನುಮತಿ ಪಡೆಯಬೇಕು. ಶಾಂತಿ ಸುವ್ಯವಸ್ಥೆ ಕಾಪಾಡಲು ಪೊಲೀಸ್ ಇಲಾಖೆ ಸಿದ್ಧತೆ ನಡೆಸಿದೆ ಎಂದು ತಿಳಿಸಿದರು.

ಕಾರವಾರ: ಗಣೇಶ ಚತುರ್ಥಿ ಹಬ್ಬವನ್ನು ಪರಿಸರ ಸ್ನೇಹಿಯಾಗಿ ಆಚರಿಸುವಂತೆ ಜಿಲ್ಲಾಧಿಕಾರಿ ಸೂಚಿಸಿದರು. ಪಿಒಪಿ ಮೂರ್ತಿಗಳ ಬಳಕೆ ನಿಷೇಧಿಸಲಾಗಿದ್ದು, ಮಣ್ಣಿನ ಮೂರ್ತಿಗಳನ್ನು ಮಾತ್ರ ಬಳಸಬೇಕು. ವಿಸರ್ಜನೆಗೆ ಪ್ರತ್ಯೇಕ ವ್ಯವಸ್ಥೆ ಮಾಡಲಾಗುವುದು. ಏಕ ಬಳಕೆಯ ಪ್ಲಾಸ್ಟಿಕ್ ಬಳಕೆ ಮಾಡಬಾರದು. ಸಾರ್ವಜನಿಕ ಗಣೇಶೋತ್ಸವ ಸಮಿತಿಗಳು ಅನುಮತಿ ಪಡೆಯಬೇಕು. ಶಾಂತಿ ಸುವ್ಯವಸ್ಥೆ ಕಾಪಾಡಲು ಪೊಲೀಸ್ ಇಲಾಖೆ ಸಿದ್ಧತೆ ನಡೆಸಿದೆ ಎಂದು ತಿಳಿಸಿದರು.

ಕಾರವಾರ: ಗಣೇಶ ಚತುರ್ಥಿ ಹಬ್ಬವನ್ನು ಪರಿಸರ ಸ್ನೇಹಿಯಾಗಿ ಆಚರಿಸುವಂತೆ ಜಿಲ್ಲಾಧಿಕಾರಿ ಸೂಚಿಸಿದರು. ಪಿಒಪಿ ಮೂರ್ತಿಗಳ ಬಳಕೆ ನಿಷೇಧಿಸಲಾಗಿದ್ದು, ಮಣ್ಣಿನ ಮೂರ್ತಿಗಳನ್ನು ಮಾತ್ರ ಬಳಸಬೇಕು. ವಿಸರ್ಜನೆಗೆ ಪ್ರತ್ಯೇಕ ವ್ಯವಸ್ಥೆ ಮಾಡಲಾಗುವುದು. ಏಕ ಬಳಕೆಯ ಪ್ಲಾಸ್ಟಿಕ್ ಬಳಕೆ ಮಾಡಬಾರದು. ಸಾರ್ವಜನಿಕ ಗಣೇಶೋತ್ಸವ ಸಮಿತಿಗಳು ಅನುಮತಿ ಪಡೆಯಬೇಕು. ಶಾಂತಿ ಸುವ್ಯವಸ್ಥೆ ಕಾಪಾಡಲು ಪೊಲೀಸ್ ಇಲಾಖೆ ಸಿದ್ಧತೆ ನಡೆಸಿದೆ ಎಂದು ತಿಳಿಸಿದರು.

ಕಾರವಾರ: ಗಣೇಶ ಚತುರ್ಥಿ ಹಬ್ಬವನ್ನು ಪರಿಸರ ಸ್ನೇಹಿಯಾಗಿ ಆಚರಿಸುವಂತೆ ಜಿಲ್ಲಾಧಿಕಾರಿ ಸೂಚಿಸಿದರು. ಪಿಒಪಿ ಮೂರ್ತಿಗಳ ಬಳಕೆ ನಿಷೇಧಿಸಲಾಗಿದ್ದು, ಮಣ್ಣಿನ ಮೂರ್ತಿಗಳನ್ನು ಮಾತ್ರ ಬಳಸಬೇಕು. ವಿಸರ್ಜನೆಗೆ ಪ್ರತ್ಯೇಕ ವ್ಯವಸ್ಥೆ ಮಾಡಲಾಗುವುದು. ಏಕ ಬಳಕೆಯ ಪ್ಲಾಸ್ಟಿಕ್ ಬಳಕೆ ಮಾಡಬಾರದು. ಸಾರ್ವಜನಿಕ ಗಣೇಶೋತ್ಸವ ಸಮಿತಿಗಳು ಅನುಮತಿ ಪಡೆಯಬೇಕು. ಶಾಂತಿ ಸುವ್ಯವಸ್ಥೆ ಕಾಪಾಡಲು ಪೊಲೀಸ್ ಇಲಾಖೆ ಸಿದ್ಧತೆ ನಡೆಸಿದೆ ಎಂದು ತಿಳಿಸಿದರು.

ಅಕ್ರಮವಾಗಿ ಜಾನುವಾರು ಸಾಗಾಟ ಯತ್ನ: ಭಜರಂಗದಳ ಕಾರ್ಯಕರ್ತರಿಂದ ತಡೆ
ನುಡಿಜೇನು ವರದಿ

ಹಳಿಯಾಳ: ವಾಹನದಲ್ಲಿ ಅಕ್ರಮವಾಗಿ ಜಾನುವಾರುಗಳನ್ನು ಸಾಗಿಸುತ್ತಿದ್ದ ಯತ್ನವನ್ನು ಭಜರಂಗದಳ ಕಾರ್ಯಕರ್ತರು ತಡೆದು ಪೊಲೀಸರಿಗೆ ಒಪ್ಪಿಸಿದ್ದಾರೆ. ಚಾಲಕನನ್ನು ವಶಕ್ಕೆ ಪಡೆಯಲಾಗಿದೆ.

ಹಳಿಯಾಳ: ವಾಹನದಲ್ಲಿ ಅಕ್ರಮವಾಗಿ ಜಾನುವಾರುಗಳನ್ನು ಸಾಗಿಸುತ್ತಿದ್ದ ಯತ್ನವನ್ನು ಭಜರಂಗದಳ ಕಾರ್ಯಕರ್ತರು ತಡೆದು ಪೊಲೀಸರಿಗೆ ಒಪ್ಪಿಸಿದ್ದಾರೆ. ಚಾಲಕನನ್ನು ವಶಕ್ಕೆ ಪಡೆಯಲಾಗಿದೆ.

ಹಳಿಯಾಳ: ವಾಹನದಲ್ಲಿ ಅಕ್ರಮವಾಗಿ ಜಾನುವಾರುಗಳನ್ನು ಸಾಗಿಸುತ್ತಿದ್ದ ಯತ್ನವನ್ನು ಭಜರಂಗದಳ ಕಾರ್ಯಕರ್ತರು ತಡೆದು ಪೊಲೀಸರಿಗೆ ಒಪ್ಪಿಸಿದ್ದಾರೆ. ಚಾಲಕನನ್ನು ವಶಕ್ಕೆ ಪಡೆಯಲಾಗಿದೆ.

ಹಳಿಯಾಳ: ವಾಹನದಲ್ಲಿ ಅಕ್ರಮವಾಗಿ ಜಾನುವಾರುಗಳನ್ನು ಸಾಗಿಸುತ್ತಿದ್ದ ಯತ್ನವನ್ನು ಭಜರಂಗದಳ ಕಾರ್ಯಕರ್ತರು ತಡೆದು ಪೊಲೀಸರಿಗೆ ಒಪ್ಪಿಸಿದ್ದಾರೆ. ಚಾಲಕನನ್ನು ವಶಕ್ಕೆ ಪಡೆಯಲಾಗಿದೆ.

4ನೇ ಪುಟಕ್ಕೆ
ರಸ್ತೆಗೆ ಅಡ್ಡಲಾಗಿ ಗಂಟೆಗಟ್ಟಲೆ ನಿಲ್ಲುವ ಗೂಡ್ಸ್ ರೈಲು
ಸರಕು ಸಾಗಾಟ ರೈಲಿನಿಂದ ಸ್ಥಳೀಯರಿಗೆ ಸಂಕಷ್ಟ: ಸಮಸ್ಯೆ ಬಗೆಹರಿಸಲು ಆಗ್ರಹ
ನುಡಿಜೇನು ವರದಿ

ಕುಮಟಾ: ರೈಲ್ವೆ ಗೇಟ್ ಬಳಿ ಸರಕು ಸಾಗಾಟ ರೈಲು ಗಂಟೆಗಟ್ಟಲೆ ನಿಲ್ಲುವುದರಿಂದ ಸಾರ್ವಜನಿಕರು, ವಿದ್ಯಾರ್ಥಿಗಳು ಹಾಗೂ ವಾಹನ ಸವಾರರು ತೊಂದರೆ ಅನುಭವಿಸುತ್ತಿದ್ದಾರೆ. ತುರ್ತು ಸಂದರ್ಭಗಳಲ್ಲಿ ಆಂಬುಲೆನ್ಸ್ ಸಂಚಾರಕ್ಕೂ ಅಡಚಣೆಯಾಗುತ್ತಿದೆ.

ಕುಮಟಾ: ರೈಲ್ವೆ ಗೇಟ್ ಬಳಿ ಸರಕು ಸಾಗಾಟ ರೈಲು ಗಂಟೆಗಟ್ಟಲೆ ನಿಲ್ಲುವುದರಿಂದ ಸಾರ್ವಜನಿಕರು, ವಿದ್ಯಾರ್ಥಿಗಳು ಹಾಗೂ ವಾಹನ ಸವಾರರು ತೊಂದರೆ ಅನುಭವಿಸುತ್ತಿದ್ದಾರೆ. ತುರ್ತು ಸಂದರ್ಭಗಳಲ್ಲಿ ಆಂಬುಲೆನ್ಸ್ ಸಂಚಾರಕ್ಕೂ ಅಡಚಣೆಯಾಗುತ್ತಿದೆ.

ಕುಮಟಾ: ರೈಲ್ವೆ ಗೇಟ್ ಬಳಿ ಸರಕು ಸಾಗಾಟ ರೈಲು ಗಂಟೆಗಟ್ಟಲೆ ನಿಲ್ಲುವುದರಿಂದ ಸಾರ್ವಜನಿಕರು, ವಿದ್ಯಾರ್ಥಿಗಳು ಹಾಗೂ ವಾಹನ ಸವಾರರು ತೊಂದರೆ ಅನುಭವಿಸುತ್ತಿದ್ದಾರೆ. ತುರ್ತು ಸಂದರ್ಭಗಳಲ್ಲಿ ಆಂಬುಲೆನ್ಸ್ ಸಂಚಾರಕ್ಕೂ ಅಡಚಣೆಯಾಗುತ್ತಿದೆ.

ರೈಲ್ವೆ ಇಲಾಖೆಗೆ ಸಮಸ್ಯೆ ಬಗೆಹರಿಸಿ
ಜಿಲ್ಲೆಯಲ್ಲಿ ರೈಲು ನಿಲುಗಡೆ ಸಮಸ್ಯೆ ಕುರಿತು ರೈಲ್ವೆ ಇಲಾಖೆ ತಕ್ಷಣ ಕ್ರಮ ಕೈಗೊಳ್ಳಬೇಕು. ಸಾರ್ವಜನಿಕರ ಹಿತದೃಷ್ಟಿಯಿಂದ ಪರ್ಯಾಯ ವ್ಯವಸ್ಥೆ ಮಾಡಬೇಕು.
ಕುಮಟಾ: ರೈಲ್ವೆ ಗೇಟ್ ಬಳಿ ಸರಕು ಸಾಗಾಟ ರೈಲು ಗಂಟೆಗಟ್ಟಲೆ ನಿಲ್ಲುವುದರಿಂದ ಸಾರ್ವಜನಿಕರು, ವಿದ್ಯಾರ್ಥಿಗಳು ಹಾಗೂ ವಾಹನ ಸವಾರರು ತೊಂದರೆ ಅನುಭವಿಸುತ್ತಿದ್ದಾರೆ. ತುರ್ತು ಸಂದರ್ಭಗಳಲ್ಲಿ ಆಂಬುಲೆನ್ಸ್ ಸಂಚಾರಕ್ಕೂ ಅಡಚಣೆಯಾಗುತ್ತಿದೆ.
ಕುಮಟಾ: ರೈಲ್ವೆ ಗೇಟ್ ಬಳಿ ಸರಕು ಸಾಗಾಟ ರೈಲು ಗಂಟೆಗಟ್ಟಲೆ ನಿಲ್ಲುವುದರಿಂದ ಸಾರ್ವಜನಿಕರು, ವಿದ್ಯಾರ್ಥಿಗಳು ಹಾಗೂ ವಾಹನ ಸವಾರರು ತೊಂದರೆ ಅನುಭವಿಸುತ್ತಿದ್ದಾರೆ. ತುರ್ತು ಸಂದರ್ಭಗಳಲ್ಲಿ ಆಂಬುಲೆನ್ಸ್ ಸಂಚಾರಕ್ಕೂ ಅಡಚಣೆಯಾಗುತ್ತಿದೆ.
ಹೀಗಾರ್ ಭಾಗಿಕಟ್ಟಾ ಭೂಕುಸಿತ ಪ್ರದೇಶಕ್ಕೆ ಅಧಿಕಾರಿಗಳ ಭೇಟಿ, ಪರಿಶೀಲನೆ
ನುಡಿಜೇನು ವರದಿ

ಯಲ್ಲಾಪುರ: ತಾಲೂಕಿನ ಭಾಗಿಕಟ್ಟಾ ಪ್ರದೇಶದಲ್ಲಿ ಉಂಟಾದ ಭೂಕುಸಿತ ಸ್ಥಳಕ್ಕೆ ತಹಶೀಲ್ದಾರ್ ಹಾಗೂ ಅಧಿಕಾರಿಗಳ ತಂಡ ಭೇಟಿ ನೀಡಿ ಪರಿಶೀಲನೆ ನಡೆಸಿತು. ಸುರಕ್ಷತಾ ಕ್ರಮ ಕೈಗೊಳ್ಳಲು ಸೂಚಿಸಲಾಯಿತು.

ಯಲ್ಲಾಪುರ: ತಾಲೂಕಿನ ಭಾಗಿಕಟ್ಟಾ ಪ್ರದೇಶದಲ್ಲಿ ಉಂಟಾದ ಭೂಕುಸಿತ ಸ್ಥಳಕ್ಕೆ ತಹಶೀಲ್ದಾರ್ ಹಾಗೂ ಅಧಿಕಾರಿಗಳ ತಂಡ ಭೇಟಿ ನೀಡಿ ಪರಿಶೀಲನೆ ನಡೆಸಿತು. ಸುರಕ್ಷತಾ ಕ್ರಮ ಕೈಗೊಳ್ಳಲು ಸೂಚಿಸಲಾಯಿತು.

4ನೇ ಪುಟಕ್ಕೆ
